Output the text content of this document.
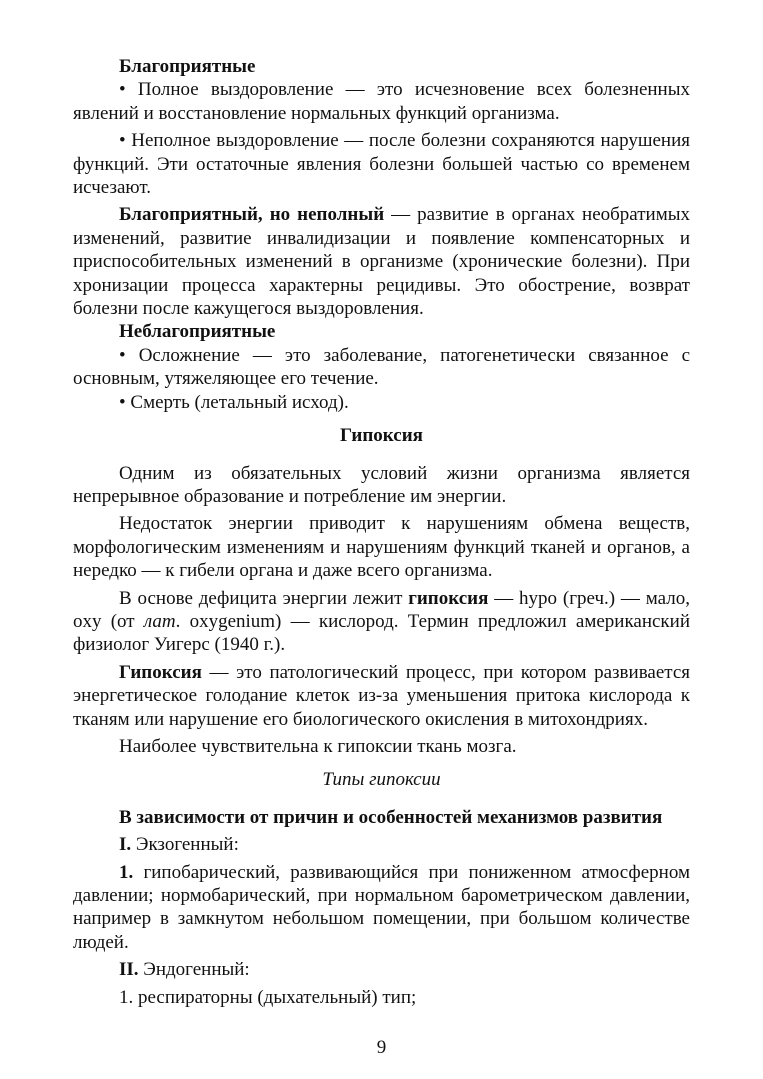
Благоприятные

• Полное выздоровление — это исчезновение всех болезненных явлений и восстановление нормальных функций организма.

• Неполное выздоровление — после болезни сохраняются нарушения функций. Эти остаточные явления болезни большей частью со временем исчезают.

Благоприятный, но неполный — развитие в органах необратимых изменений, развитие инвалидизации и появление компенсаторных и приспособительных изменений в организме (хронические болезни). При хронизации процесса характерны рецидивы. Это обострение, возврат болезни после кажущегося выздоровления.

Неблагоприятные

• Осложнение — это заболевание, патогенетически связанное с основным, утяжеляющее его течение.

• Смерть (летальный исход).

Гипоксия

Одним из обязательных условий жизни организма является непрерывное образование и потребление им энергии.

Недостаток энергии приводит к нарушениям обмена веществ, морфологическим изменениям и нарушениям функций тканей и органов, а нередко — к гибели органа и даже всего организма.

В основе дефицита энергии лежит гипоксия — hypo (греч.) — мало, oxy (от лат. oxygenium) — кислород. Термин предложил американский физиолог Уигерс (1940 г.).

Гипоксия — это патологический процесс, при котором развивается энергетическое голодание клеток из-за уменьшения притока кислорода к тканям или нарушение его биологического окисления в митохондриях.

Наиболее чувствительна к гипоксии ткань мозга.

Типы гипоксии

В зависимости от причин и особенностей механизмов развития

I. Экзогенный:

1. гипобарический, развивающийся при пониженном атмосферном давлении; нормобарический, при нормальном барометрическом давлении, например в замкнутом небольшом помещении, при большом количестве людей.

II. Эндогенный:

1. респираторны (дыхательный) тип;

9
